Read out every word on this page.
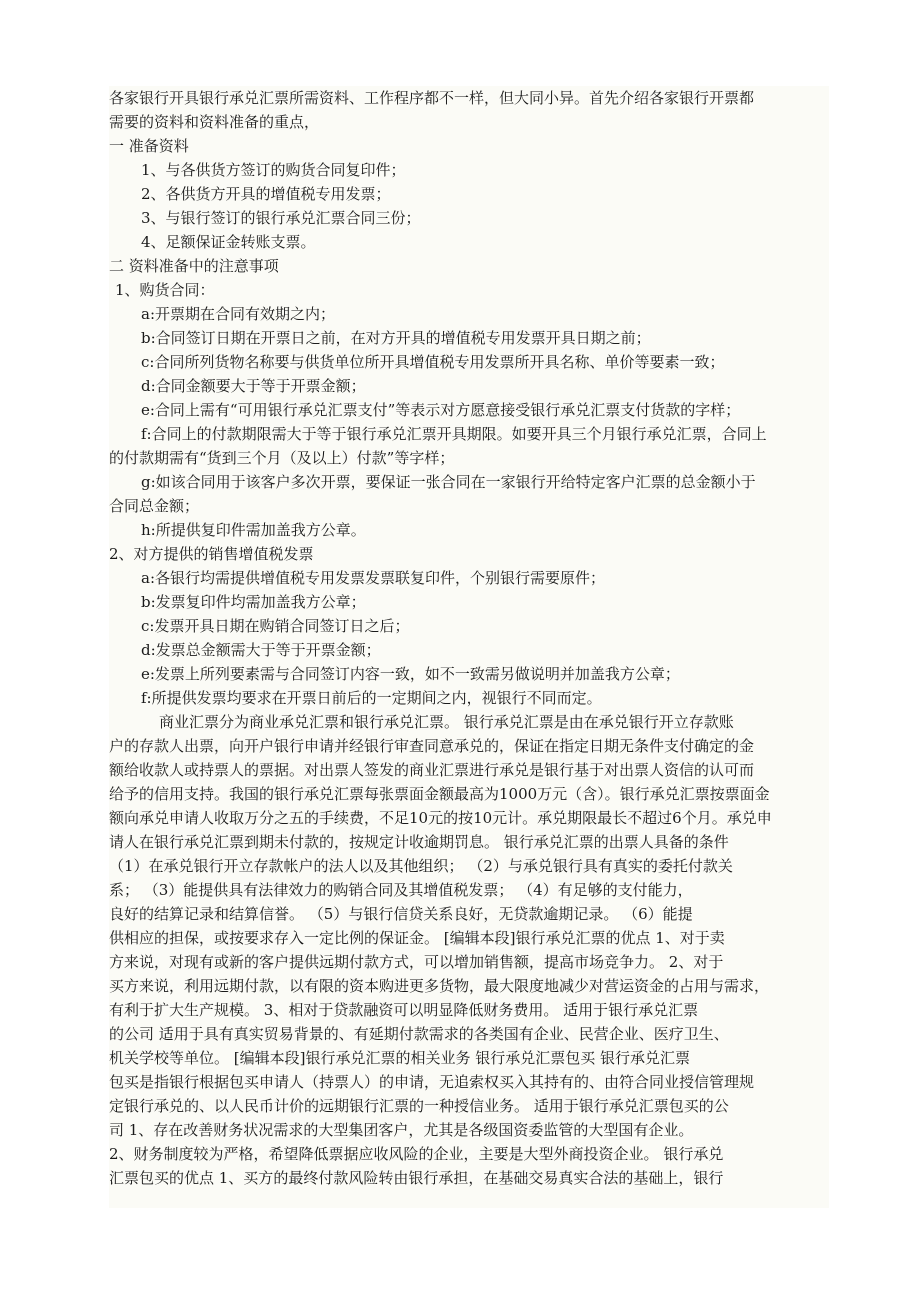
各家银行开具银行承兑汇票所需资料、工作程序都不一样，但大同小异。首先介绍各家银行开票都
需要的资料和资料准备的重点，
一 准备资料
1、与各供货方签订的购货合同复印件；
2、各供货方开具的增值税专用发票；
3、与银行签订的银行承兑汇票合同三份；
4、足额保证金转账支票。
二 资料准备中的注意事项
1、购货合同：
a:开票期在合同有效期之内；
b:合同签订日期在开票日之前，在对方开具的增值税专用发票开具日期之前；
c:合同所列货物名称要与供货单位所开具增值税专用发票所开具名称、单价等要素一致；
d:合同金额要大于等于开票金额；
e:合同上需有“可用银行承兑汇票支付”等表示对方愿意接受银行承兑汇票支付货款的字样；
f:合同上的付款期限需大于等于银行承兑汇票开具期限。如要开具三个月银行承兑汇票，合同上
的付款期需有“货到三个月（及以上）付款”等字样；
g:如该合同用于该客户多次开票，要保证一张合同在一家银行开给特定客户汇票的总金额小于
合同总金额；
h:所提供复印件需加盖我方公章。
2、对方提供的销售增值税发票
a:各银行均需提供增值税专用发票发票联复印件，个别银行需要原件；
b:发票复印件均需加盖我方公章；
c:发票开具日期在购销合同签订日之后；
d:发票总金额需大于等于开票金额；
e:发票上所列要素需与合同签订内容一致，如不一致需另做说明并加盖我方公章；
f:所提供发票均要求在开票日前后的一定期间之内，视银行不同而定。
商业汇票分为商业承兑汇票和银行承兑汇票。 银行承兑汇票是由在承兑银行开立存款账
户的存款人出票，向开户银行申请并经银行审查同意承兑的，保证在指定日期无条件支付确定的金
额给收款人或持票人的票据。对出票人签发的商业汇票进行承兑是银行基于对出票人资信的认可而
给予的信用支持。我国的银行承兑汇票每张票面金额最高为1000万元（含）。银行承兑汇票按票面金
额向承兑申请人收取万分之五的手续费，不足10元的按10元计。承兑期限最长不超过6个月。承兑申
请人在银行承兑汇票到期未付款的，按规定计收逾期罚息。 银行承兑汇票的出票人具备的条件
（1）在承兑银行开立存款帐户的法人以及其他组织； （2）与承兑银行具有真实的委托付款关
系； （3）能提供具有法律效力的购销合同及其增值税发票； （4）有足够的支付能力，
良好的结算记录和结算信誉。 （5）与银行信贷关系良好，无贷款逾期记录。 （6）能提
供相应的担保，或按要求存入一定比例的保证金。 [编辑本段]银行承兑汇票的优点 1、对于卖
方来说，对现有或新的客户提供远期付款方式，可以增加销售额，提高市场竞争力。 2、对于
买方来说，利用远期付款，以有限的资本购进更多货物，最大限度地减少对营运资金的占用与需求，
有利于扩大生产规模。 3、相对于贷款融资可以明显降低财务费用。 适用于银行承兑汇票
的公司 适用于具有真实贸易背景的、有延期付款需求的各类国有企业、民营企业、医疗卫生、
机关学校等单位。 [编辑本段]银行承兑汇票的相关业务 银行承兑汇票包买 银行承兑汇票
包买是指银行根据包买申请人（持票人）的申请，无追索权买入其持有的、由符合同业授信管理规
定银行承兑的、以人民币计价的远期银行汇票的一种授信业务。 适用于银行承兑汇票包买的公
司 1、存在改善财务状况需求的大型集团客户，尤其是各级国资委监管的大型国有企业。
2、财务制度较为严格，希望降低票据应收风险的企业，主要是大型外商投资企业。 银行承兑
汇票包买的优点 1、买方的最终付款风险转由银行承担，在基础交易真实合法的基础上，银行
